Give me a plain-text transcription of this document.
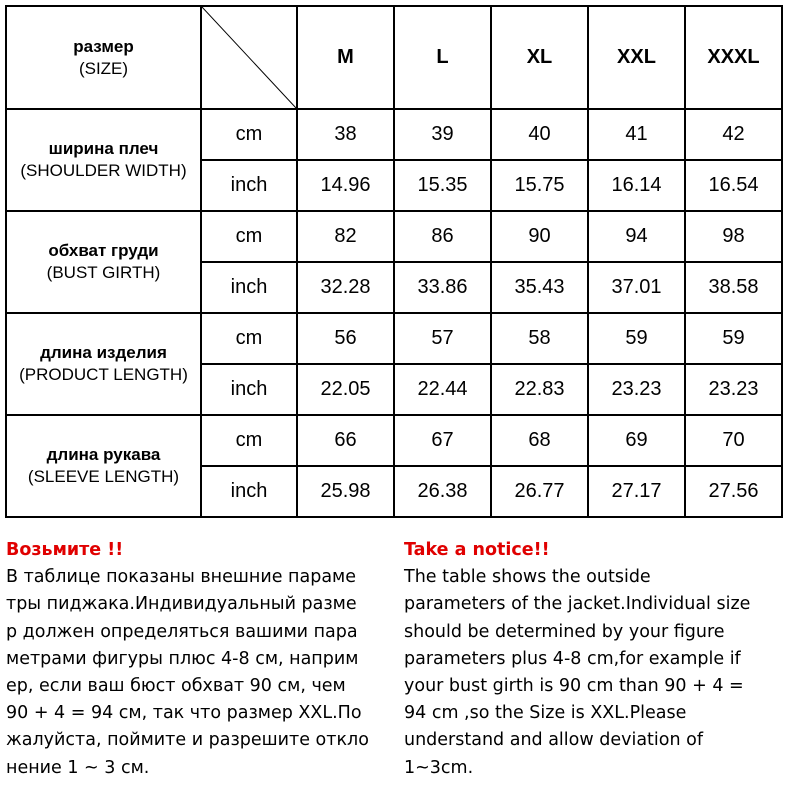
размер
(SIZE)		M	L	XL	XXL	XXXL

ширина плеч
(SHOULDER WIDTH)	cm	38	39	40	41	42
	inch	14.96	15.35	15.75	16.14	16.54

обхват груди
(BUST GIRTH)	cm	82	86	90	94	98
	inch	32.28	33.86	35.43	37.01	38.58

длина изделия
(PRODUCT LENGTH)	cm	56	57	58	59	59
	inch	22.05	22.44	22.83	23.23	23.23

длина рукава
(SLEEVE LENGTH)	cm	66	67	68	69	70
	inch	25.98	26.38	26.77	27.17	27.56
Возьмите !!
В таблице показаны внешние параме
тры пиджака.Индивидуальный разме
р должен определяться вашими пара
метрами фигуры плюс 4-8 см, наприм
ер, если ваш бюст обхват 90 см, чем
90 + 4 = 94 см, так что размер XXL.По
жалуйста, поймите и разрешите откло
нение 1 ~ 3 см.
Take a notice!!
The table shows the outside
parameters of the jacket.Individual size
should be determined by your figure
parameters plus 4-8 cm,for example if
your bust girth is 90 cm than 90 + 4 =
94 cm ,so the Size is XXL.Please
understand and allow deviation of
1~3cm.
